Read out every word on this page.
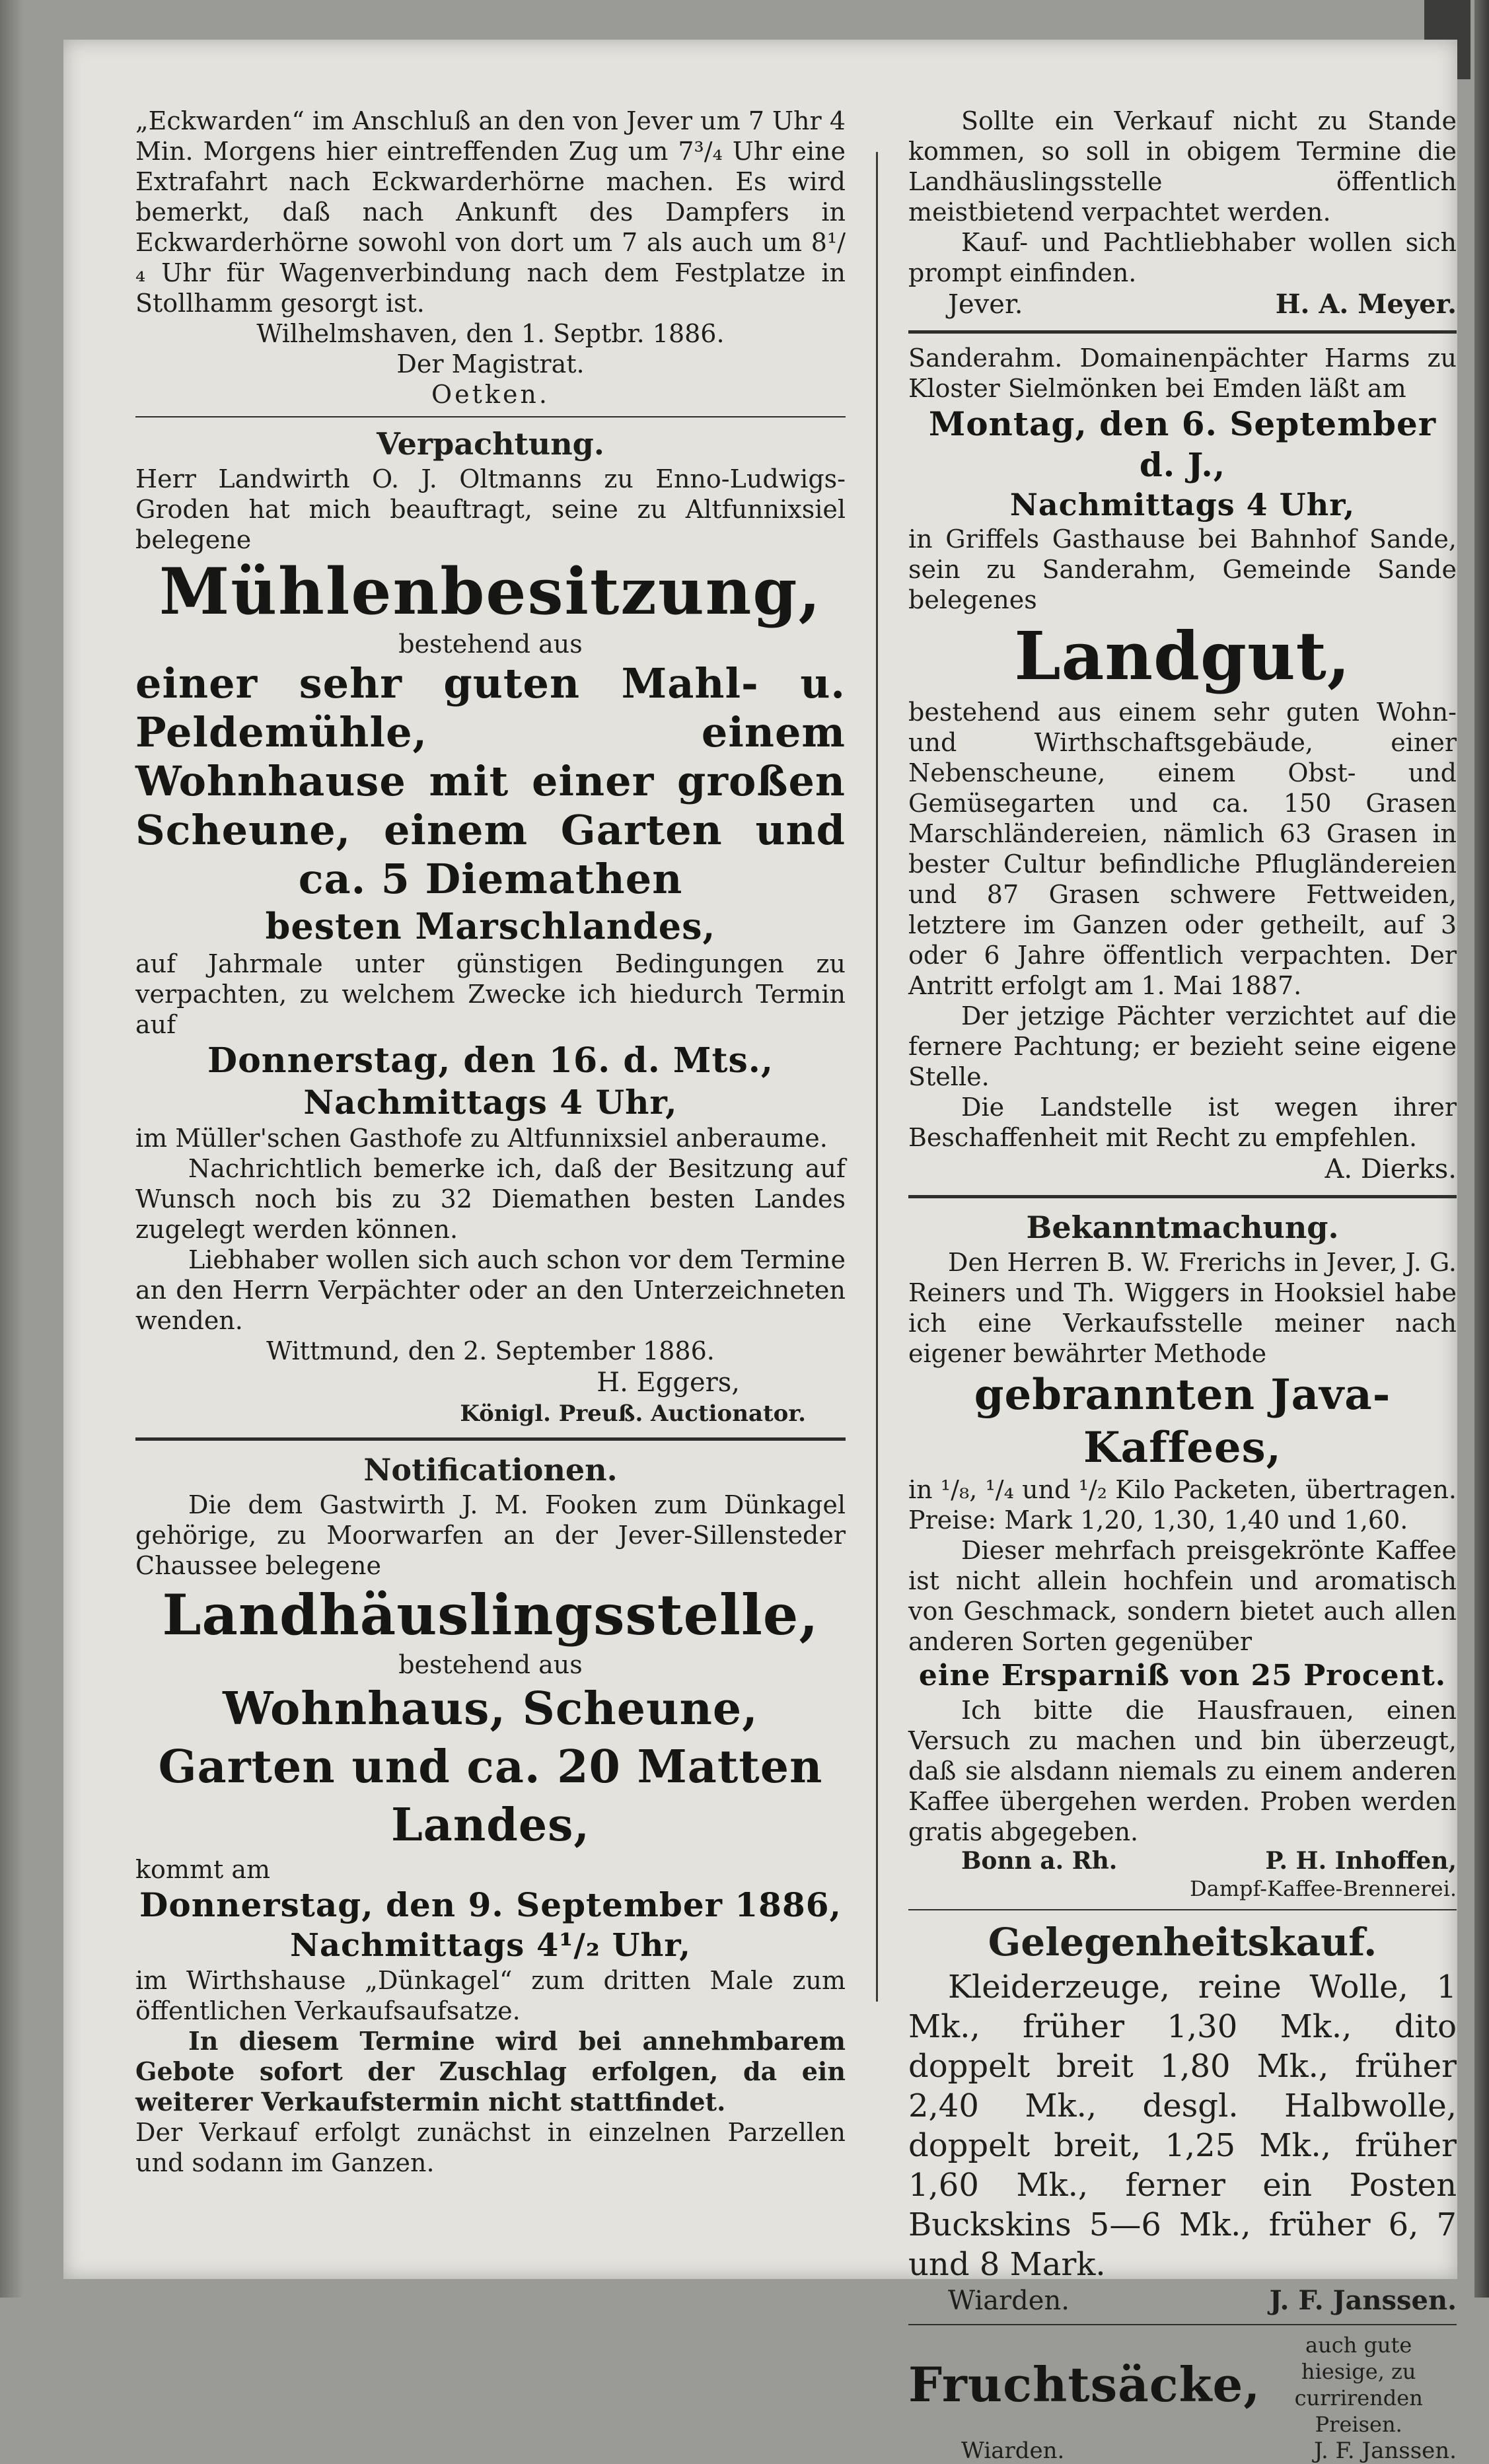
„Eckwarden“ im Anschluß an den von Jever um 7 Uhr 4 Min. Morgens hier eintreffenden Zug um 7³/₄ Uhr eine Extrafahrt nach Eckwarderhörne machen. Es wird bemerkt, daß nach Ankunft des Dampfers in Eckwarderhörne sowohl von dort um 7 als auch um 8¹/₄ Uhr für Wagenverbindung nach dem Festplatze in Stollhamm gesorgt ist.

Wilhelmshaven, den 1. Septbr. 1886.

Der Magistrat.

Oetken.

Verpachtung.

Herr Landwirth O. J. Oltmanns zu Enno-Ludwigs-Groden hat mich beauftragt, seine zu Altfunnixsiel belegene

Mühlenbesitzung,

bestehend aus

einer sehr guten Mahl- u. Peldemühle, einem Wohnhause mit einer großen Scheune, einem Garten und ca. 5 Diemathen

besten Marschlandes,

auf Jahrmale unter günstigen Bedingungen zu verpachten, zu welchem Zwecke ich hiedurch Termin auf

Donnerstag, den 16. d. Mts.,

Nachmittags 4 Uhr,

im Müller'schen Gasthofe zu Altfunnixsiel anberaume.

Nachrichtlich bemerke ich, daß der Besitzung auf Wunsch noch bis zu 32 Diemathen besten Landes zugelegt werden können.

Liebhaber wollen sich auch schon vor dem Termine an den Herrn Verpächter oder an den Unterzeichneten wenden.

Wittmund, den 2. September 1886.

H. Eggers,

Königl. Preuß. Auctionator.

Notificationen.

Die dem Gastwirth J. M. Fooken zum Dünkagel gehörige, zu Moorwarfen an der Jever-Sillensteder Chaussee belegene

Landhäuslingsstelle,

bestehend aus

Wohnhaus, Scheune, Garten und ca. 20 Matten Landes,

kommt am

Donnerstag, den 9. September 1886,

Nachmittags 4¹/₂ Uhr,

im Wirthshause „Dünkagel“ zum dritten Male zum öffentlichen Verkaufsaufsatze.

In diesem Termine wird bei annehmbarem Gebote sofort der Zuschlag erfolgen, da ein weiterer Verkaufstermin nicht stattfindet.

Der Verkauf erfolgt zunächst in einzelnen Parzellen und sodann im Ganzen.

Sollte ein Verkauf nicht zu Stande kommen, so soll in obigem Termine die Landhäuslingsstelle öffentlich meistbietend verpachtet werden.

Kauf- und Pachtliebhaber wollen sich prompt einfinden.

Jever.	H. A. Meyer.

Sanderahm. Domainenpächter Harms zu Kloster Sielmönken bei Emden läßt am

Montag, den 6. September d. J.,

Nachmittags 4 Uhr,

in Griffels Gasthause bei Bahnhof Sande, sein zu Sanderahm, Gemeinde Sande belegenes

Landgut,

bestehend aus einem sehr guten Wohn- und Wirthschaftsgebäude, einer Nebenscheune, einem Obst- und Gemüsegarten und ca. 150 Grasen Marschländereien, nämlich 63 Grasen in bester Cultur befindliche Pflugländereien und 87 Grasen schwere Fettweiden, letztere im Ganzen oder getheilt, auf 3 oder 6 Jahre öffentlich verpachten. Der Antritt erfolgt am 1. Mai 1887.

Der jetzige Pächter verzichtet auf die fernere Pachtung; er bezieht seine eigene Stelle.

Die Landstelle ist wegen ihrer Beschaffenheit mit Recht zu empfehlen.

A. Dierks.

Bekanntmachung.

Den Herren B. W. Frerichs in Jever, J. G. Reiners und Th. Wiggers in Hooksiel habe ich eine Verkaufsstelle meiner nach eigener bewährter Methode

gebrannten Java-Kaffees,

in ¹/₈, ¹/₄ und ¹/₂ Kilo Packeten, übertragen. Preise: Mark 1,20, 1,30, 1,40 und 1,60.

Dieser mehrfach preisgekrönte Kaffee ist nicht allein hochfein und aromatisch von Geschmack, sondern bietet auch allen anderen Sorten gegenüber

eine Ersparniß von 25 Procent.

Ich bitte die Hausfrauen, einen Versuch zu machen und bin überzeugt, daß sie alsdann niemals zu einem anderen Kaffee übergehen werden. Proben werden gratis abgegeben.

Bonn a. Rh.	P. H. Inhoffen,

Dampf-Kaffee-Brennerei.

Gelegenheitskauf.

Kleiderzeuge, reine Wolle, 1 Mk., früher 1,30 Mk., dito doppelt breit 1,80 Mk., früher 2,40 Mk., desgl. Halbwolle, doppelt breit, 1,25 Mk., früher 1,60 Mk., ferner ein Posten Buckskins 5—6 Mk., früher 6, 7 und 8 Mark.

Wiarden.	J. F. Janssen.
Fruchtsäcke,
auch gute hiesige, zu currirenden Preisen.
Wiarden.	J. F. Janssen.
